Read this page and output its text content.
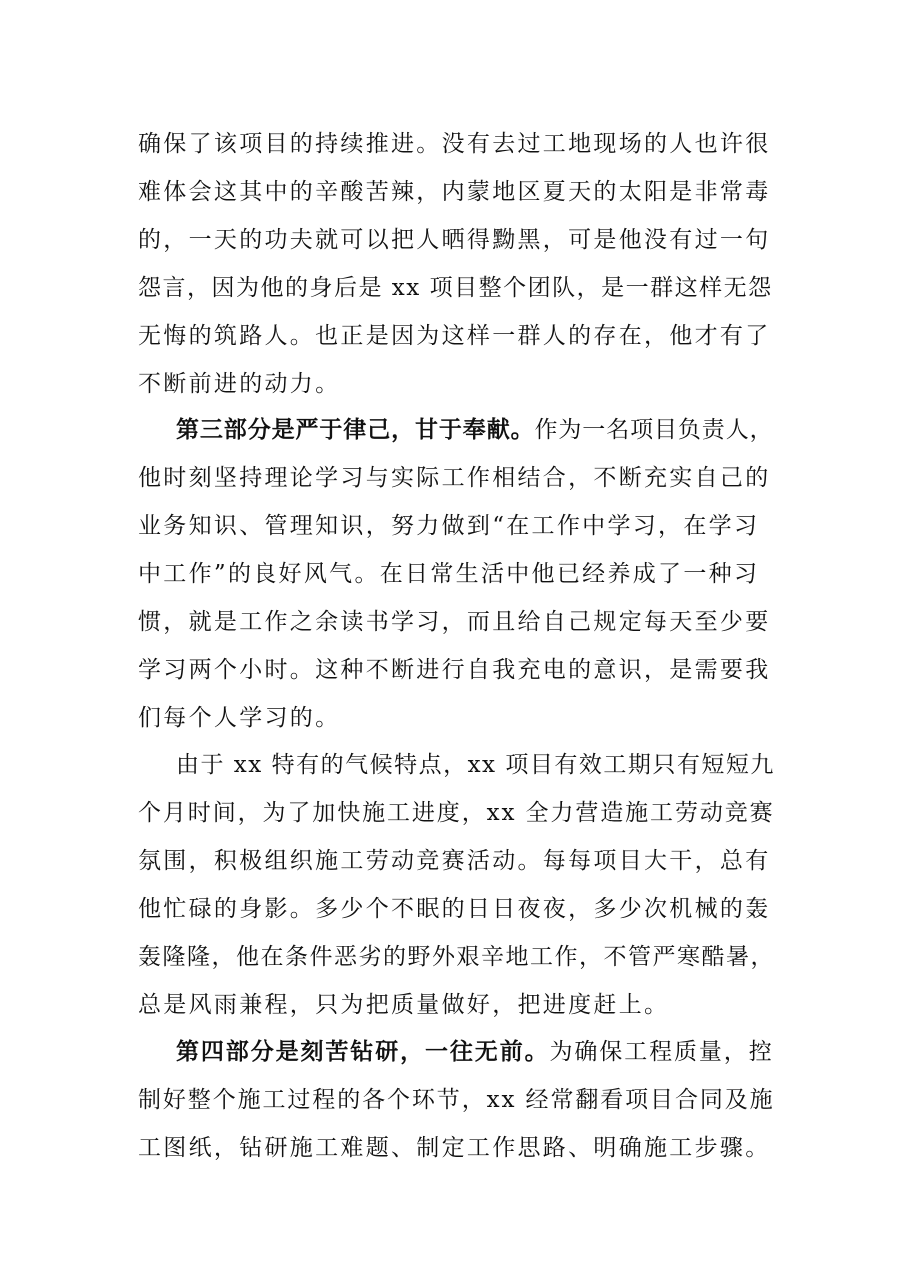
确保了该项目的持续推进。没有去过工地现场的人也许很
难体会这其中的辛酸苦辣，内蒙地区夏天的太阳是非常毒
的，一天的功夫就可以把人晒得黝黑，可是他没有过一句
怨言，因为他的身后是 xx 项目整个团队，是一群这样无怨
无悔的筑路人。也正是因为这样一群人的存在，他才有了
不断前进的动力。
第三部分是严于律己，甘于奉献。作为一名项目负责人，
他时刻坚持理论学习与实际工作相结合，不断充实自己的
业务知识、管理知识，努力做到“在工作中学习，在学习
中工作”的良好风气。在日常生活中他已经养成了一种习
惯，就是工作之余读书学习，而且给自己规定每天至少要
学习两个小时。这种不断进行自我充电的意识，是需要我
们每个人学习的。
由于 xx 特有的气候特点，xx 项目有效工期只有短短九
个月时间，为了加快施工进度，xx 全力营造施工劳动竞赛
氛围，积极组织施工劳动竞赛活动。每每项目大干，总有
他忙碌的身影。多少个不眠的日日夜夜，多少次机械的轰
轰隆隆，他在条件恶劣的野外艰辛地工作，不管严寒酷暑，
总是风雨兼程，只为把质量做好，把进度赶上。
第四部分是刻苦钻研，一往无前。为确保工程质量，控
制好整个施工过程的各个环节，xx 经常翻看项目合同及施
工图纸，钻研施工难题、制定工作思路、明确施工步骤。
